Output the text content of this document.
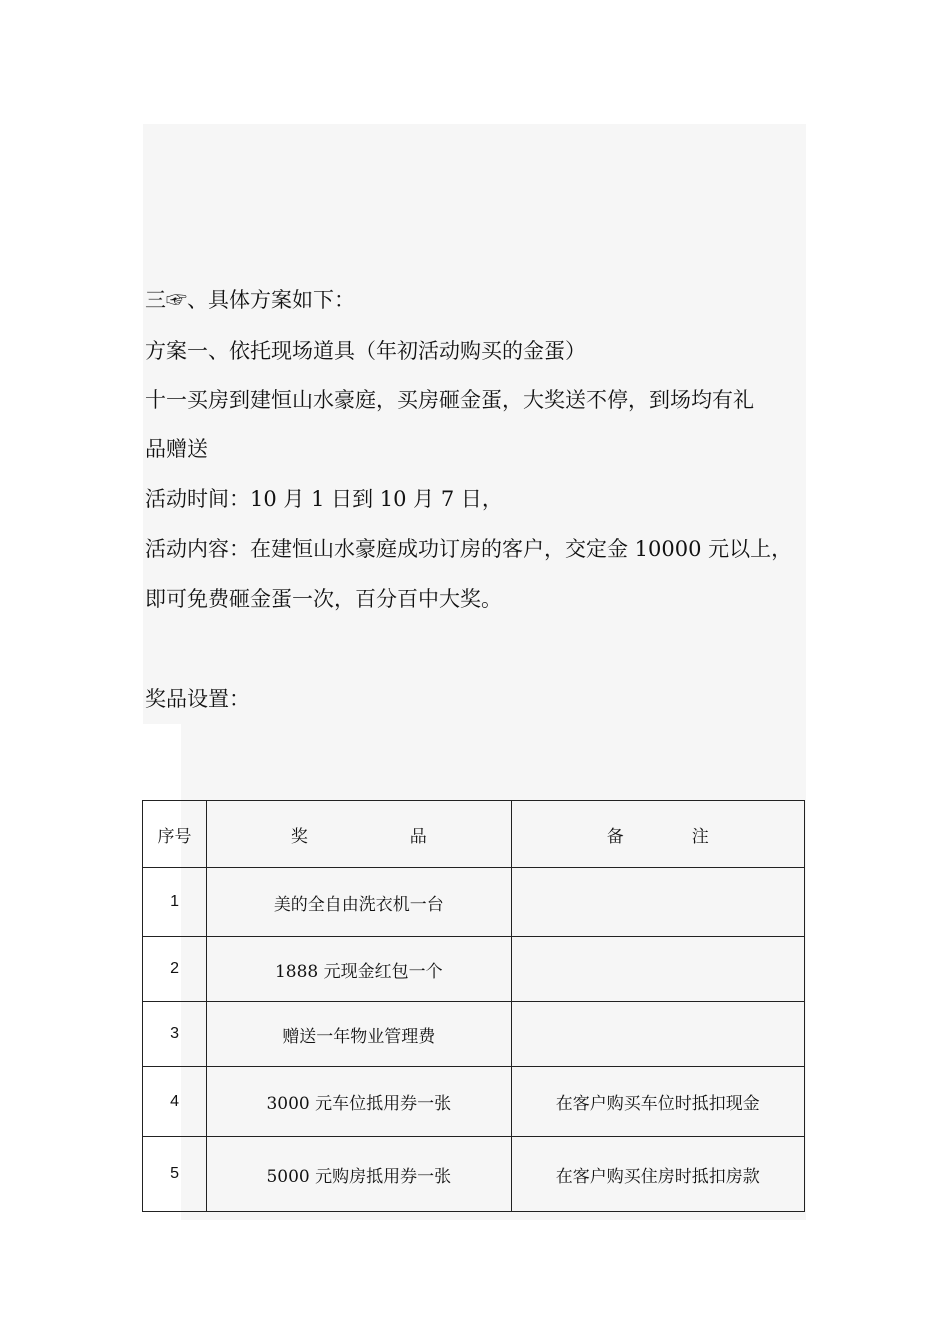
三☞、具体方案如下：
方案一、依托现场道具（年初活动购买的金蛋）
十一买房到建恒山水豪庭，买房砸金蛋，大奖送不停，到场均有礼
品赠送
活动时间：10 月 1 日到 10 月 7 日，
活动内容：在建恒山水豪庭成功订房的客户，交定金 10000 元以上，
即可免费砸金蛋一次，百分百中大奖。
奖品设置：
序号	奖　　　　　　品	备　　　　注
1	美的全自由洗衣机一台	
2	1888 元现金红包一个	
3	赠送一年物业管理费	
4	3000 元车位抵用券一张	在客户购买车位时抵扣现金
5	5000 元购房抵用券一张	在客户购买住房时抵扣房款
